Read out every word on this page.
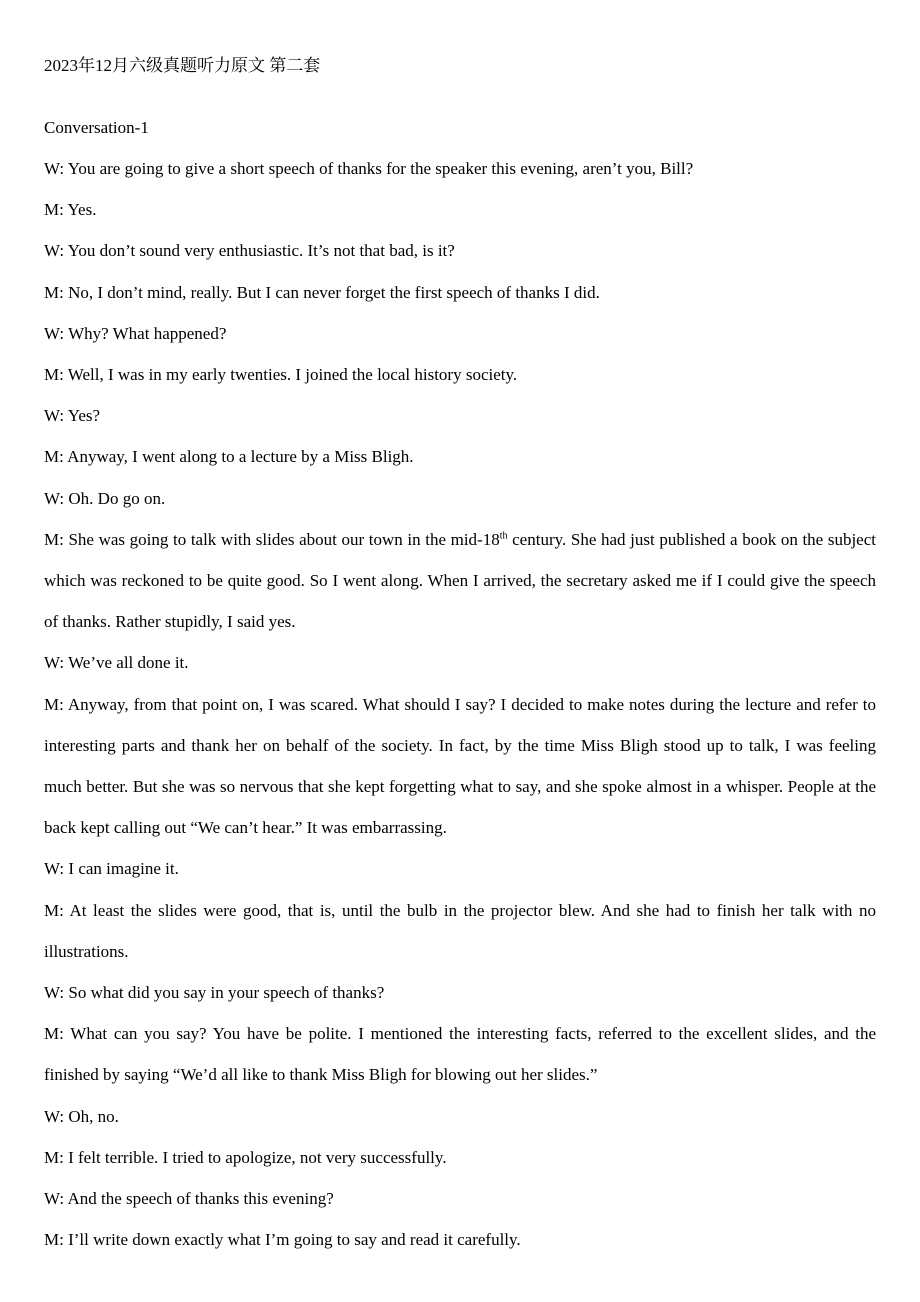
2023年12月六级真题听力原文 第二套
Conversation-1

W: You are going to give a short speech of thanks for the speaker this evening, aren’t you, Bill?

M: Yes.

W: You don’t sound very enthusiastic. It’s not that bad, is it?

M: No, I don’t mind, really. But I can never forget the first speech of thanks I did.

W: Why? What happened?

M: Well, I was in my early twenties. I joined the local history society.

W: Yes?

M: Anyway, I went along to a lecture by a Miss Bligh.

W: Oh. Do go on.

M: She was going to talk with slides about our town in the mid-18th century. She had just published a book on the subject which was reckoned to be quite good. So I went along. When I arrived, the secretary asked me if I could give the speech of thanks. Rather stupidly, I said yes.

W: We’ve all done it.

M: Anyway, from that point on, I was scared. What should I say? I decided to make notes during the lecture and refer to interesting parts and thank her on behalf of the society. In fact, by the time Miss Bligh stood up to talk, I was feeling much better. But she was so nervous that she kept forgetting what to say, and she spoke almost in a whisper. People at the back kept calling out “We can’t hear.” It was embarrassing.

W: I can imagine it.

M: At least the slides were good, that is, until the bulb in the projector blew. And she had to finish her talk with no illustrations.

W: So what did you say in your speech of thanks?

M: What can you say? You have be polite. I mentioned the interesting facts, referred to the excellent slides, and the finished by saying “We’d all like to thank Miss Bligh for blowing out her slides.”

W: Oh, no.

M: I felt terrible. I tried to apologize, not very successfully.

W: And the speech of thanks this evening?

M: I’ll write down exactly what I’m going to say and read it carefully.
